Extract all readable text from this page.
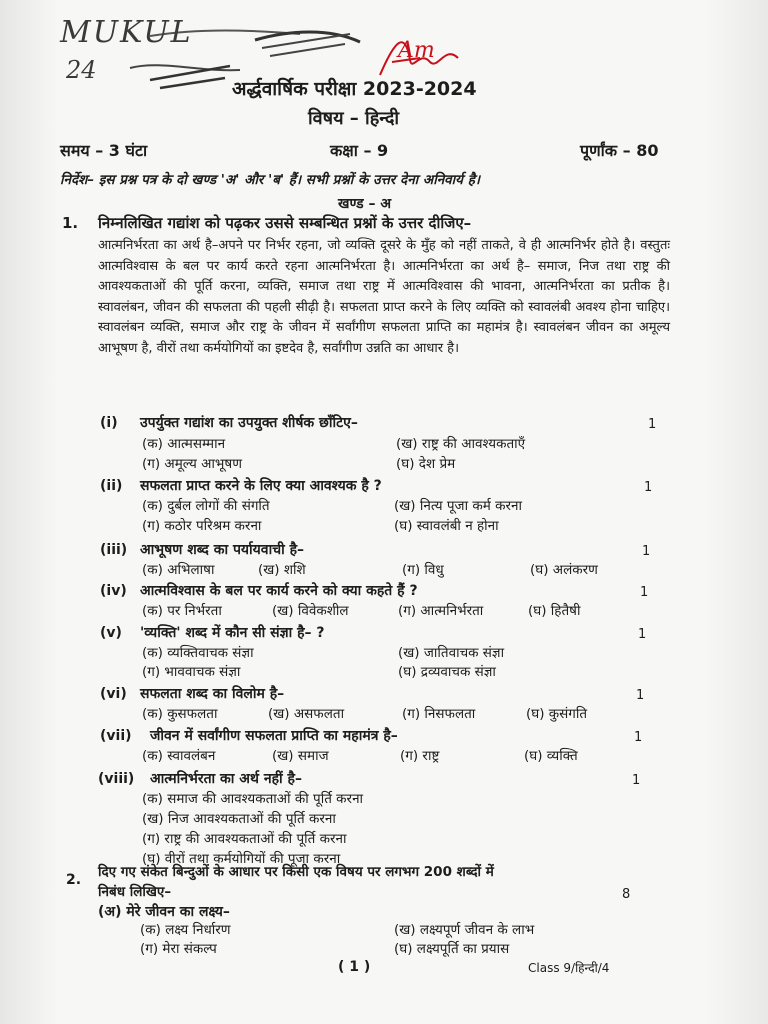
MUKUL
24
Am
अर्द्धवार्षिक परीक्षा 2023-2024
विषय – हिन्दी
समय – 3 घंटा	कक्षा – 9	पूर्णांक – 80
निर्देश– इस प्रश्न पत्र के दो खण्ड 'अ' और 'ब' हैं। सभी प्रश्नों के उत्तर देना अनिवार्य है।
खण्ड – अ
1. निम्नलिखित गद्यांश को पढ़कर उससे सम्बन्धित प्रश्नों के उत्तर दीजिए–
आत्मनिर्भरता का अर्थ है–अपने पर निर्भर रहना, जो व्यक्ति दूसरे के मुँह को नहीं ताकते, वे ही आत्मनिर्भर होते है। वस्तुतः आत्मविश्वास के बल पर कार्य करते रहना आत्मनिर्भरता है। आत्मनिर्भरता का अर्थ है– समाज, निज तथा राष्ट्र की आवश्यकताओं की पूर्ति करना, व्यक्ति, समाज तथा राष्ट्र में आत्मविश्वास की भावना, आत्मनिर्भरता का प्रतीक है। स्वावलंबन, जीवन की सफलता की पहली सीढ़ी है। सफलता प्राप्त करने के लिए व्यक्ति को स्वावलंबी अवश्य होना चाहिए। स्वावलंबन व्यक्ति, समाज और राष्ट्र के जीवन में सर्वांगीण सफलता प्राप्ति का महामंत्र है। स्वावलंबन जीवन का अमूल्य आभूषण है, वीरों तथा कर्मयोगियों का इष्टदेव है, सर्वांगीण उन्नति का आधार है।
(i) उपर्युक्त गद्यांश का उपयुक्त शीर्षक छाँटिए–	1
(क) आत्मसम्मान	(ख) राष्ट्र की आवश्यकताएँ
(ग) अमूल्य आभूषण	(घ) देश प्रेम
(ii) सफलता प्राप्त करने के लिए क्या आवश्यक है ?	1
(क) दुर्बल लोगों की संगति	(ख) नित्य पूजा कर्म करना
(ग) कठोर परिश्रम करना	(घ) स्वावलंबी न होना
(iii) आभूषण शब्द का पर्यायवाची है–	1
(क) अभिलाषा	(ख) शशि	(ग) विधु	(घ) अलंकरण
(iv) आत्मविश्वास के बल पर कार्य करने को क्या कहते हैं ?	1
(क) पर निर्भरता	(ख) विवेकशील	(ग) आत्मनिर्भरता	(घ) हितैषी
(v) 'व्यक्ति' शब्द में कौन सी संज्ञा है– ?	1
(क) व्यक्तिवाचक संज्ञा	(ख) जातिवाचक संज्ञा
(ग) भाववाचक संज्ञा	(घ) द्रव्यवाचक संज्ञा
(vi) सफलता शब्द का विलोम है–	1
(क) कुसफलता	(ख) असफलता	(ग) निसफलता	(घ) कुसंगति
(vii) जीवन में सर्वांगीण सफलता प्राप्ति का महामंत्र है–	1
(क) स्वावलंबन	(ख) समाज	(ग) राष्ट्र	(घ) व्यक्ति
(viii) आत्मनिर्भरता का अर्थ नहीं है–	1
(क) समाज की आवश्यकताओं की पूर्ति करना
(ख) निज आवश्यकताओं की पूर्ति करना
(ग) राष्ट्र की आवश्यकताओं की पूर्ति करना
(घ) वीरों तथा कर्मयोगियों की पूजा करना
2. दिए गए संकेत बिन्दुओं के आधार पर किसी एक विषय पर लगभग 200 शब्दों में
निबंध लिखिए–	8
(अ) मेरे जीवन का लक्ष्य–
(क) लक्ष्य निर्धारण	(ख) लक्ष्यपूर्ण जीवन के लाभ
(ग) मेरा संकल्प	(घ) लक्ष्यपूर्ति का प्रयास
( 1 )	Class 9/हिन्दी/4
